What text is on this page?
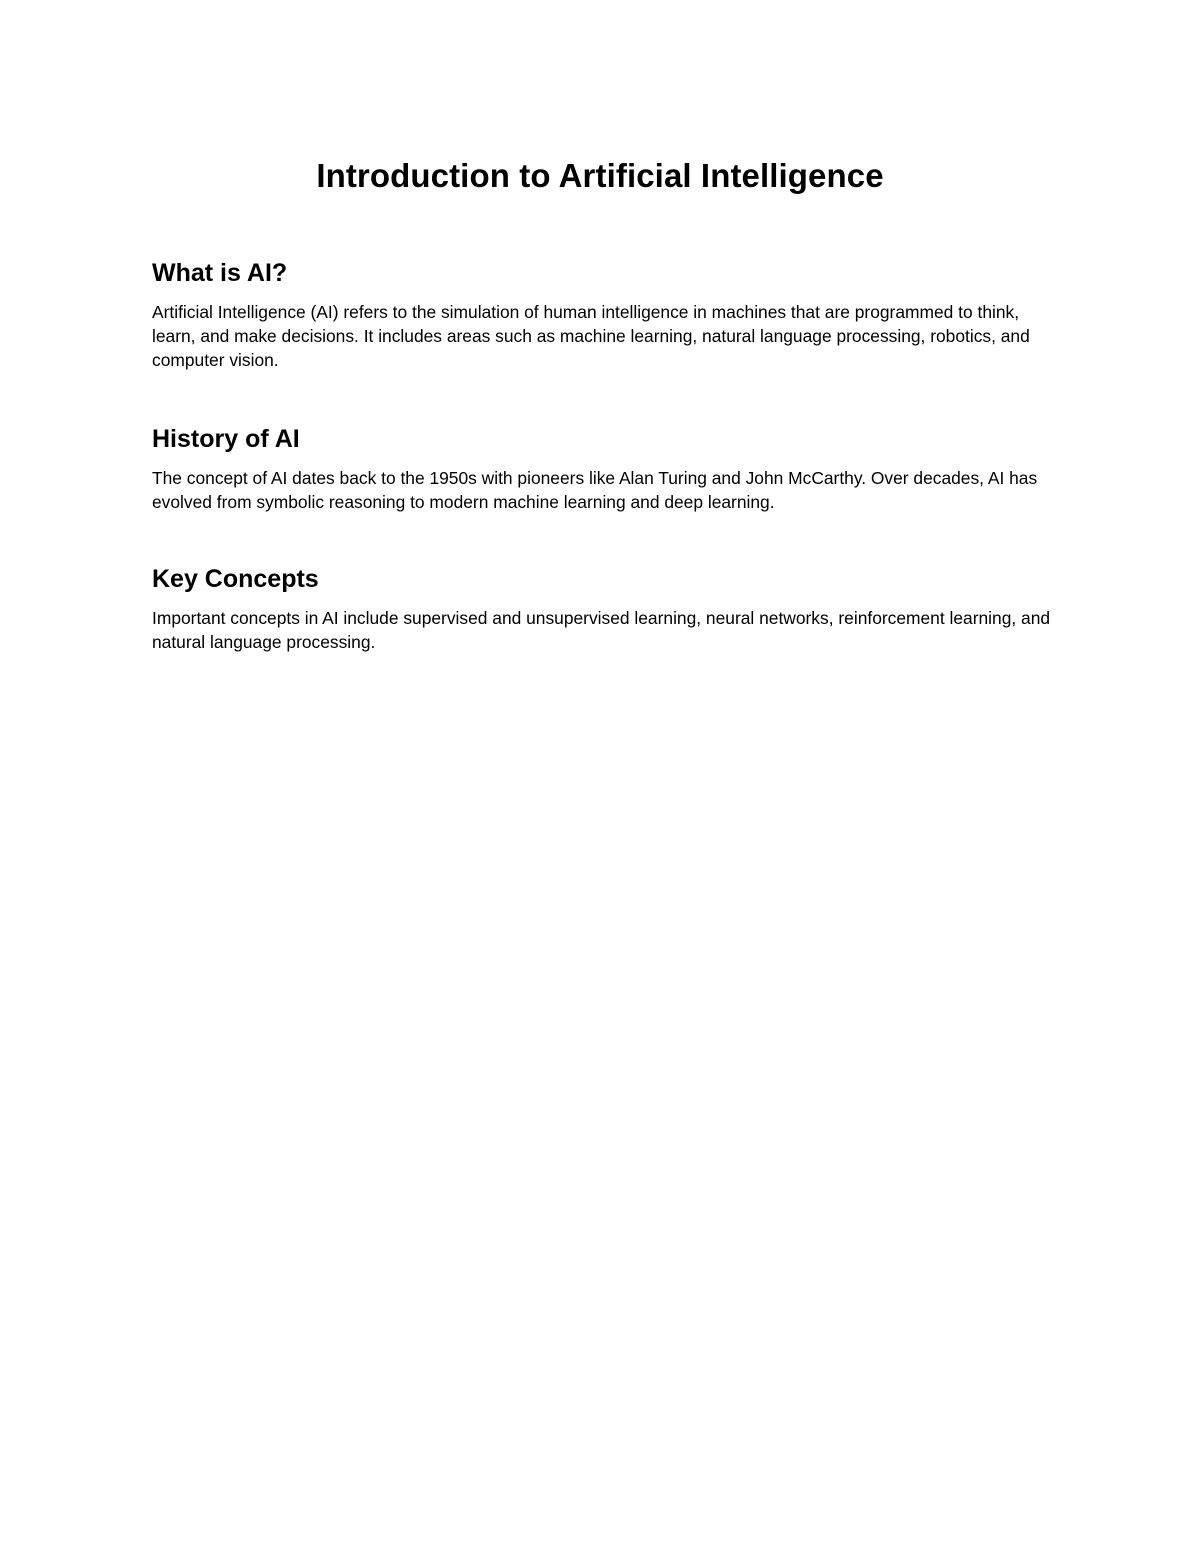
Introduction to Artificial Intelligence
What is AI?

Artificial Intelligence (AI) refers to the simulation of human intelligence in machines that are programmed to think, learn, and make decisions. It includes areas such as machine learning, natural language processing, robotics, and computer vision.

History of AI

The concept of AI dates back to the 1950s with pioneers like Alan Turing and John McCarthy. Over decades, AI has evolved from symbolic reasoning to modern machine learning and deep learning.

Key Concepts

Important concepts in AI include supervised and unsupervised learning, neural networks, reinforcement learning, and natural language processing.
